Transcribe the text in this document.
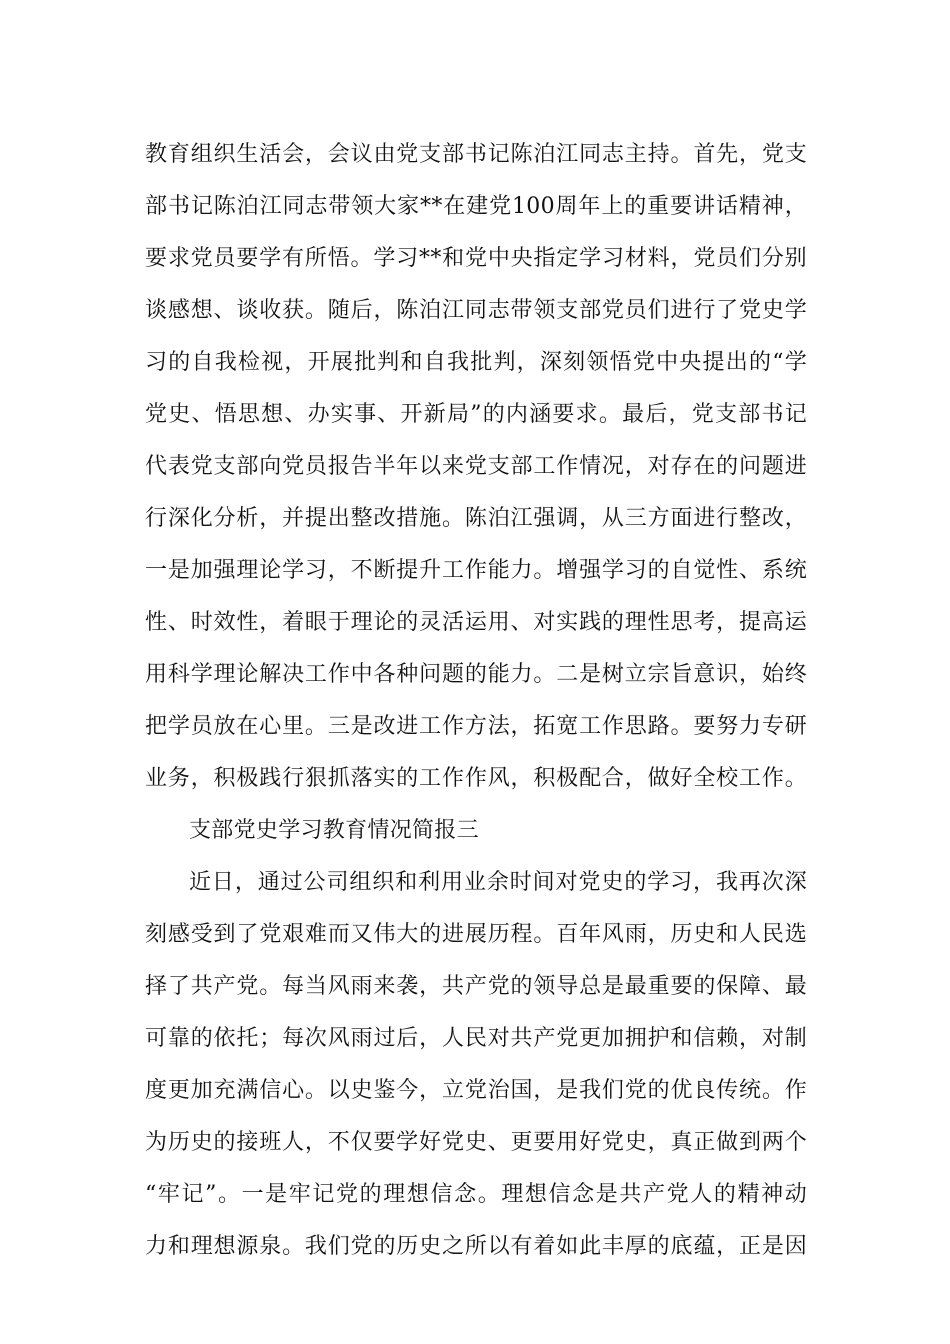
教育组织生活会，会议由党支部书记陈泊江同志主持。首先，党支
部书记陈泊江同志带领大家**在建党100周年上的重要讲话精神，
要求党员要学有所悟。学习**和党中央指定学习材料，党员们分别
谈感想、谈收获。随后，陈泊江同志带领支部党员们进行了党史学
习的自我检视，开展批判和自我批判，深刻领悟党中央提出的“学
党史、悟思想、办实事、开新局”的内涵要求。最后，党支部书记
代表党支部向党员报告半年以来党支部工作情况，对存在的问题进
行深化分析，并提出整改措施。陈泊江强调，从三方面进行整改，
一是加强理论学习，不断提升工作能力。增强学习的自觉性、系统
性、时效性，着眼于理论的灵活运用、对实践的理性思考，提高运
用科学理论解决工作中各种问题的能力。二是树立宗旨意识，始终
把学员放在心里。三是改进工作方法，拓宽工作思路。要努力专研
业务，积极践行狠抓落实的工作作风，积极配合，做好全校工作。
支部党史学习教育情况简报三
近日，通过公司组织和利用业余时间对党史的学习，我再次深
刻感受到了党艰难而又伟大的进展历程。百年风雨，历史和人民选
择了共产党。每当风雨来袭，共产党的领导总是最重要的保障、最
可靠的依托；每次风雨过后，人民对共产党更加拥护和信赖，对制
度更加充满信心。以史鉴今，立党治国，是我们党的优良传统。作
为历史的接班人，不仅要学好党史、更要用好党史，真正做到两个
“牢记”。一是牢记党的理想信念。理想信念是共产党人的精神动
力和理想源泉。我们党的历史之所以有着如此丰厚的底蕴，正是因
